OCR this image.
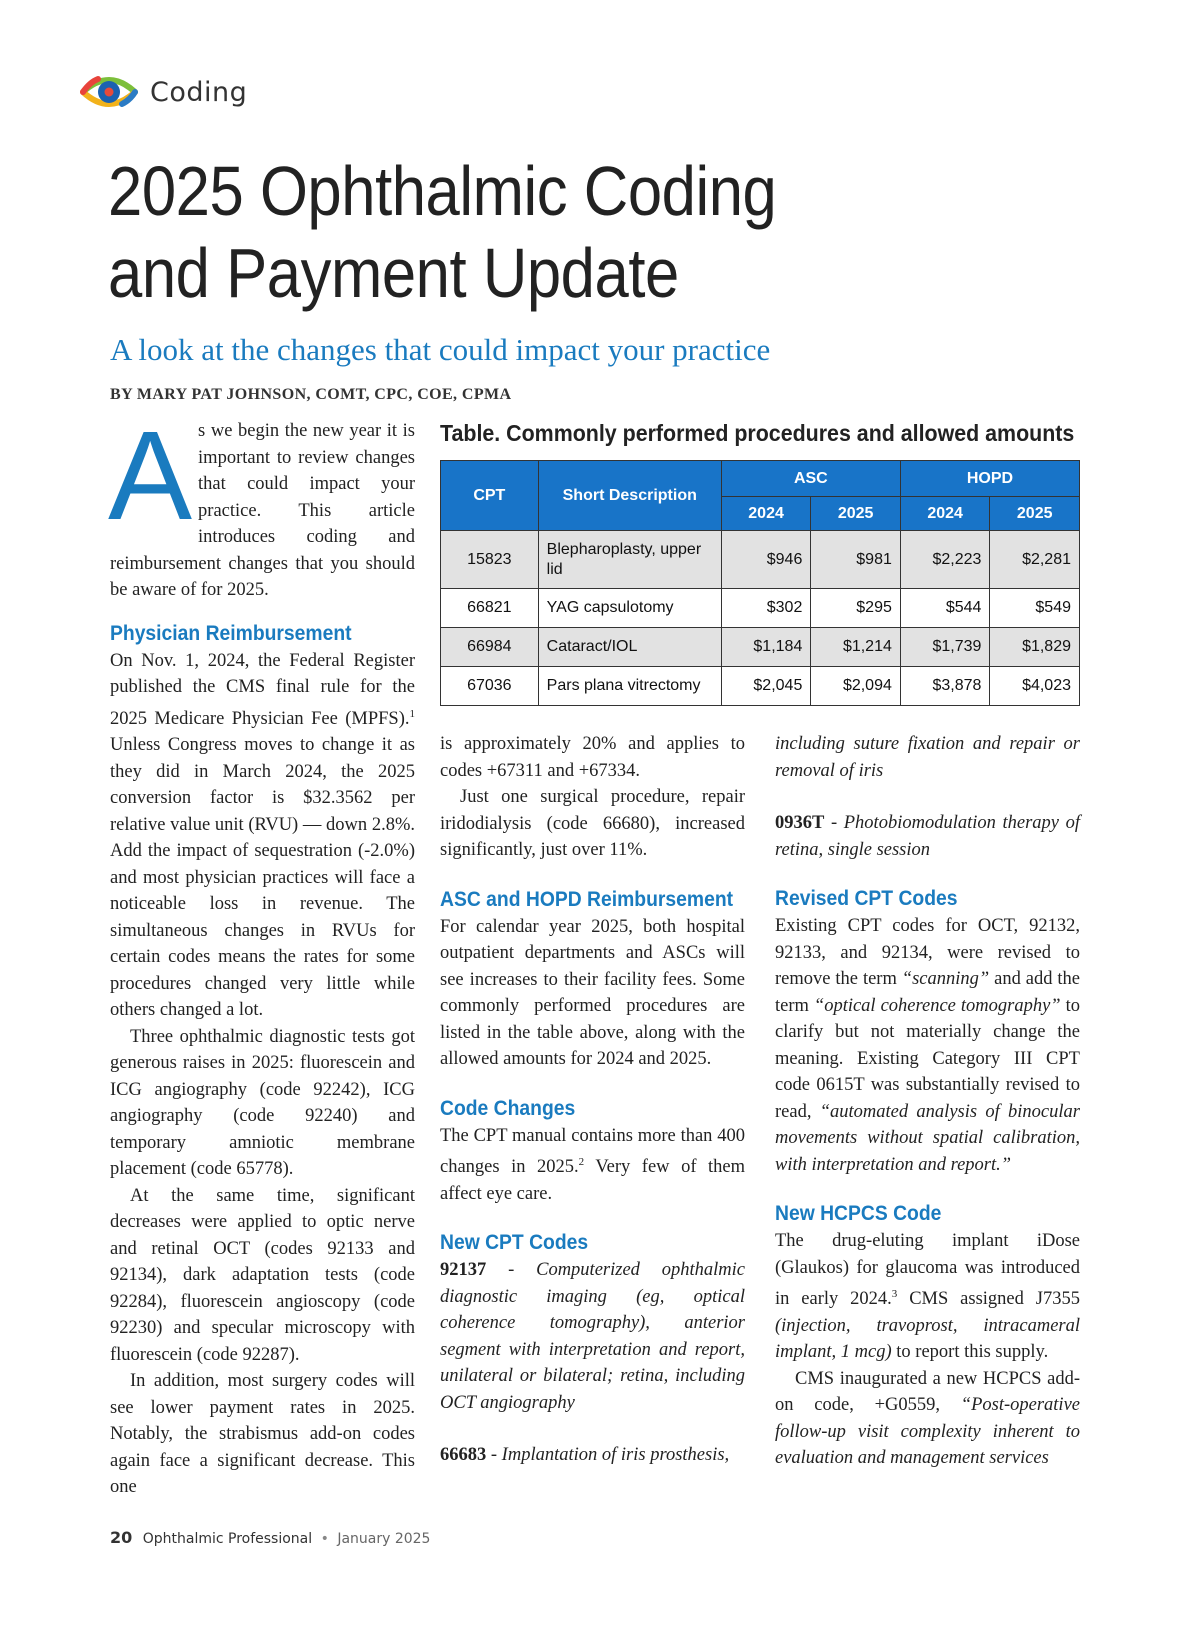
Coding
2025 Ophthalmic Coding
and Payment Update
A look at the changes that could impact your practice
BY MARY PAT JOHNSON, COMT, CPC, COE, CPMA

As we begin the new year it is important to review changes that could impact your practice. This article introduces coding and reimbursement changes that you should be aware of for 2025.

Physician Reimbursement

On Nov. 1, 2024, the Federal Register published the CMS final rule for the 2025 Medicare Physician Fee (MPFS).$^1$ Unless Congress moves to change it as they did in March 2024, the 2025 conversion factor is $32.3562 per relative value unit (RVU) — down 2.8%. Add the impact of sequestration (-2.0%) and most physician practices will face a noticeable loss in revenue. The simultaneous changes in RVUs for certain codes means the rates for some procedures changed very little while others changed a lot.

Three ophthalmic diagnostic tests got generous raises in 2025: fluorescein and ICG angiography (code 92242), ICG angiography (code 92240) and temporary amniotic membrane placement (code 65778).

At the same time, significant decreases were applied to optic nerve and retinal OCT (codes 92133 and 92134), dark adaptation tests (code 92284), fluorescein angioscopy (code 92230) and specular microscopy with fluorescein (code 92287).

In addition, most surgery codes will see lower payment rates in 2025. Notably, the strabismus add-on codes again face a significant decrease. This one

Table. Commonly performed procedures and allowed amounts
CPT	Short Description	ASC		HOPD	
		2024	2025	2024	2025
15823	Blepharoplasty, upper lid	$946	$981	$2,223	$2,281
66821	YAG capsulotomy	$302	$295	$544	$549
66984	Cataract/IOL	$1,184	$1,214	$1,739	$1,829
67036	Pars plana vitrectomy	$2,045	$2,094	$3,878	$4,023

is approximately 20% and applies to codes +67311 and +67334.

Just one surgical procedure, repair iridodialysis (code 66680), increased significantly, just over 11%.

ASC and HOPD Reimbursement

For calendar year 2025, both hospital outpatient departments and ASCs will see increases to their facility fees. Some commonly performed procedures are listed in the table above, along with the allowed amounts for 2024 and 2025.

Code Changes

The CPT manual contains more than 400 changes in 2025.$^2$ Very few of them affect eye care.

New CPT Codes

92137 - Computerized ophthalmic diagnostic imaging (eg, optical coherence tomography), anterior segment with interpretation and report, unilateral or bilateral; retina, including OCT angiography

66683 - Implantation of iris prosthesis,

including suture fixation and repair or removal of iris

0936T - Photobiomodulation therapy of retina, single session

Revised CPT Codes

Existing CPT codes for OCT, 92132, 92133, and 92134, were revised to remove the term “scanning” and add the term “optical coherence tomography” to clarify but not materially change the meaning. Existing Category III CPT code 0615T was substantially revised to read, “automated analysis of binocular movements without spatial calibration, with interpretation and report.”

New HCPCS Code

The drug-eluting implant iDose (Glaukos) for glaucoma was introduced in early 2024.$^3$ CMS assigned J7355 (injection, travoprost, intracameral implant, 1 mcg) to report this supply.

CMS inaugurated a new HCPCS add-on code, +G0559, “Post-operative follow-up visit complexity inherent to evaluation and management services

20 Ophthalmic Professional • January 2025
